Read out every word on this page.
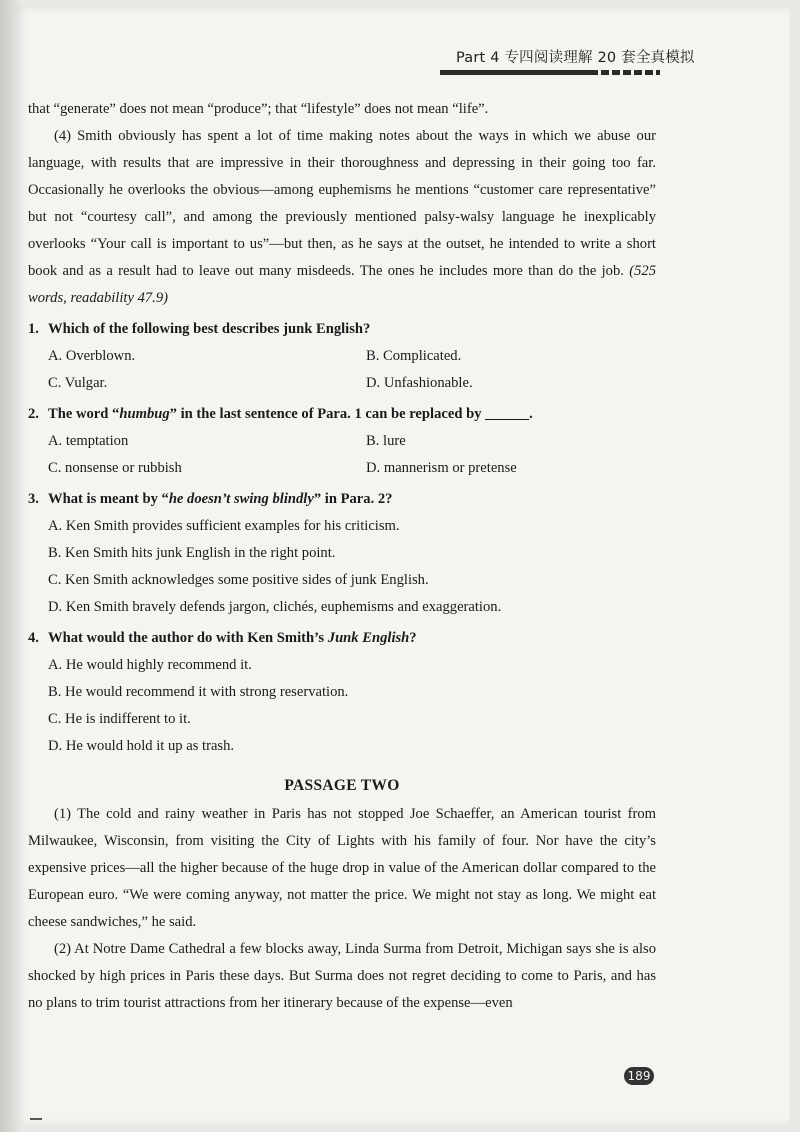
Part 4 专四阅读理解 20 套全真模拟

that “generate” does not mean “produce”; that “lifestyle” does not mean “life”.

(4) Smith obviously has spent a lot of time making notes about the ways in which we abuse our language, with results that are impressive in their thoroughness and depressing in their going too far. Occasionally he overlooks the obvious—among euphemisms he mentions “customer care representative” but not “courtesy call”, and among the previously mentioned palsy-walsy language he inexplicably overlooks “Your call is important to us”—but then, as he says at the outset, he intended to write a short book and as a result had to leave out many misdeeds. The ones he includes more than do the job. (525 words, readability 47.9)

1. Which of the following best describes junk English?

A. Overblown.	B. Complicated.
C. Vulgar.	D. Unfashionable.

2. The word “humbug” in the last sentence of Para. 1 can be replaced by	.

A. temptation	B. lure
C. nonsense or rubbish	D. mannerism or pretense

3. What is meant by “he doesn’t swing blindly” in Para. 2?

A. Ken Smith provides sufficient examples for his criticism.
B. Ken Smith hits junk English in the right point.
C. Ken Smith acknowledges some positive sides of junk English.
D. Ken Smith bravely defends jargon, clichés, euphemisms and exaggeration.

4. What would the author do with Ken Smith’s Junk English?

A. He would highly recommend it.
B. He would recommend it with strong reservation.
C. He is indifferent to it.
D. He would hold it up as trash.

PASSAGE TWO

(1) The cold and rainy weather in Paris has not stopped Joe Schaeffer, an American tourist from Milwaukee, Wisconsin, from visiting the City of Lights with his family of four. Nor have the city’s expensive prices—all the higher because of the huge drop in value of the American dollar compared to the European euro. “We were coming anyway, not matter the price. We might not stay as long. We might eat cheese sandwiches,” he said.

(2) At Notre Dame Cathedral a few blocks away, Linda Surma from Detroit, Michigan says she is also shocked by high prices in Paris these days. But Surma does not regret deciding to come to Paris, and has no plans to trim tourist attractions from her itinerary because of the expense—even

189
